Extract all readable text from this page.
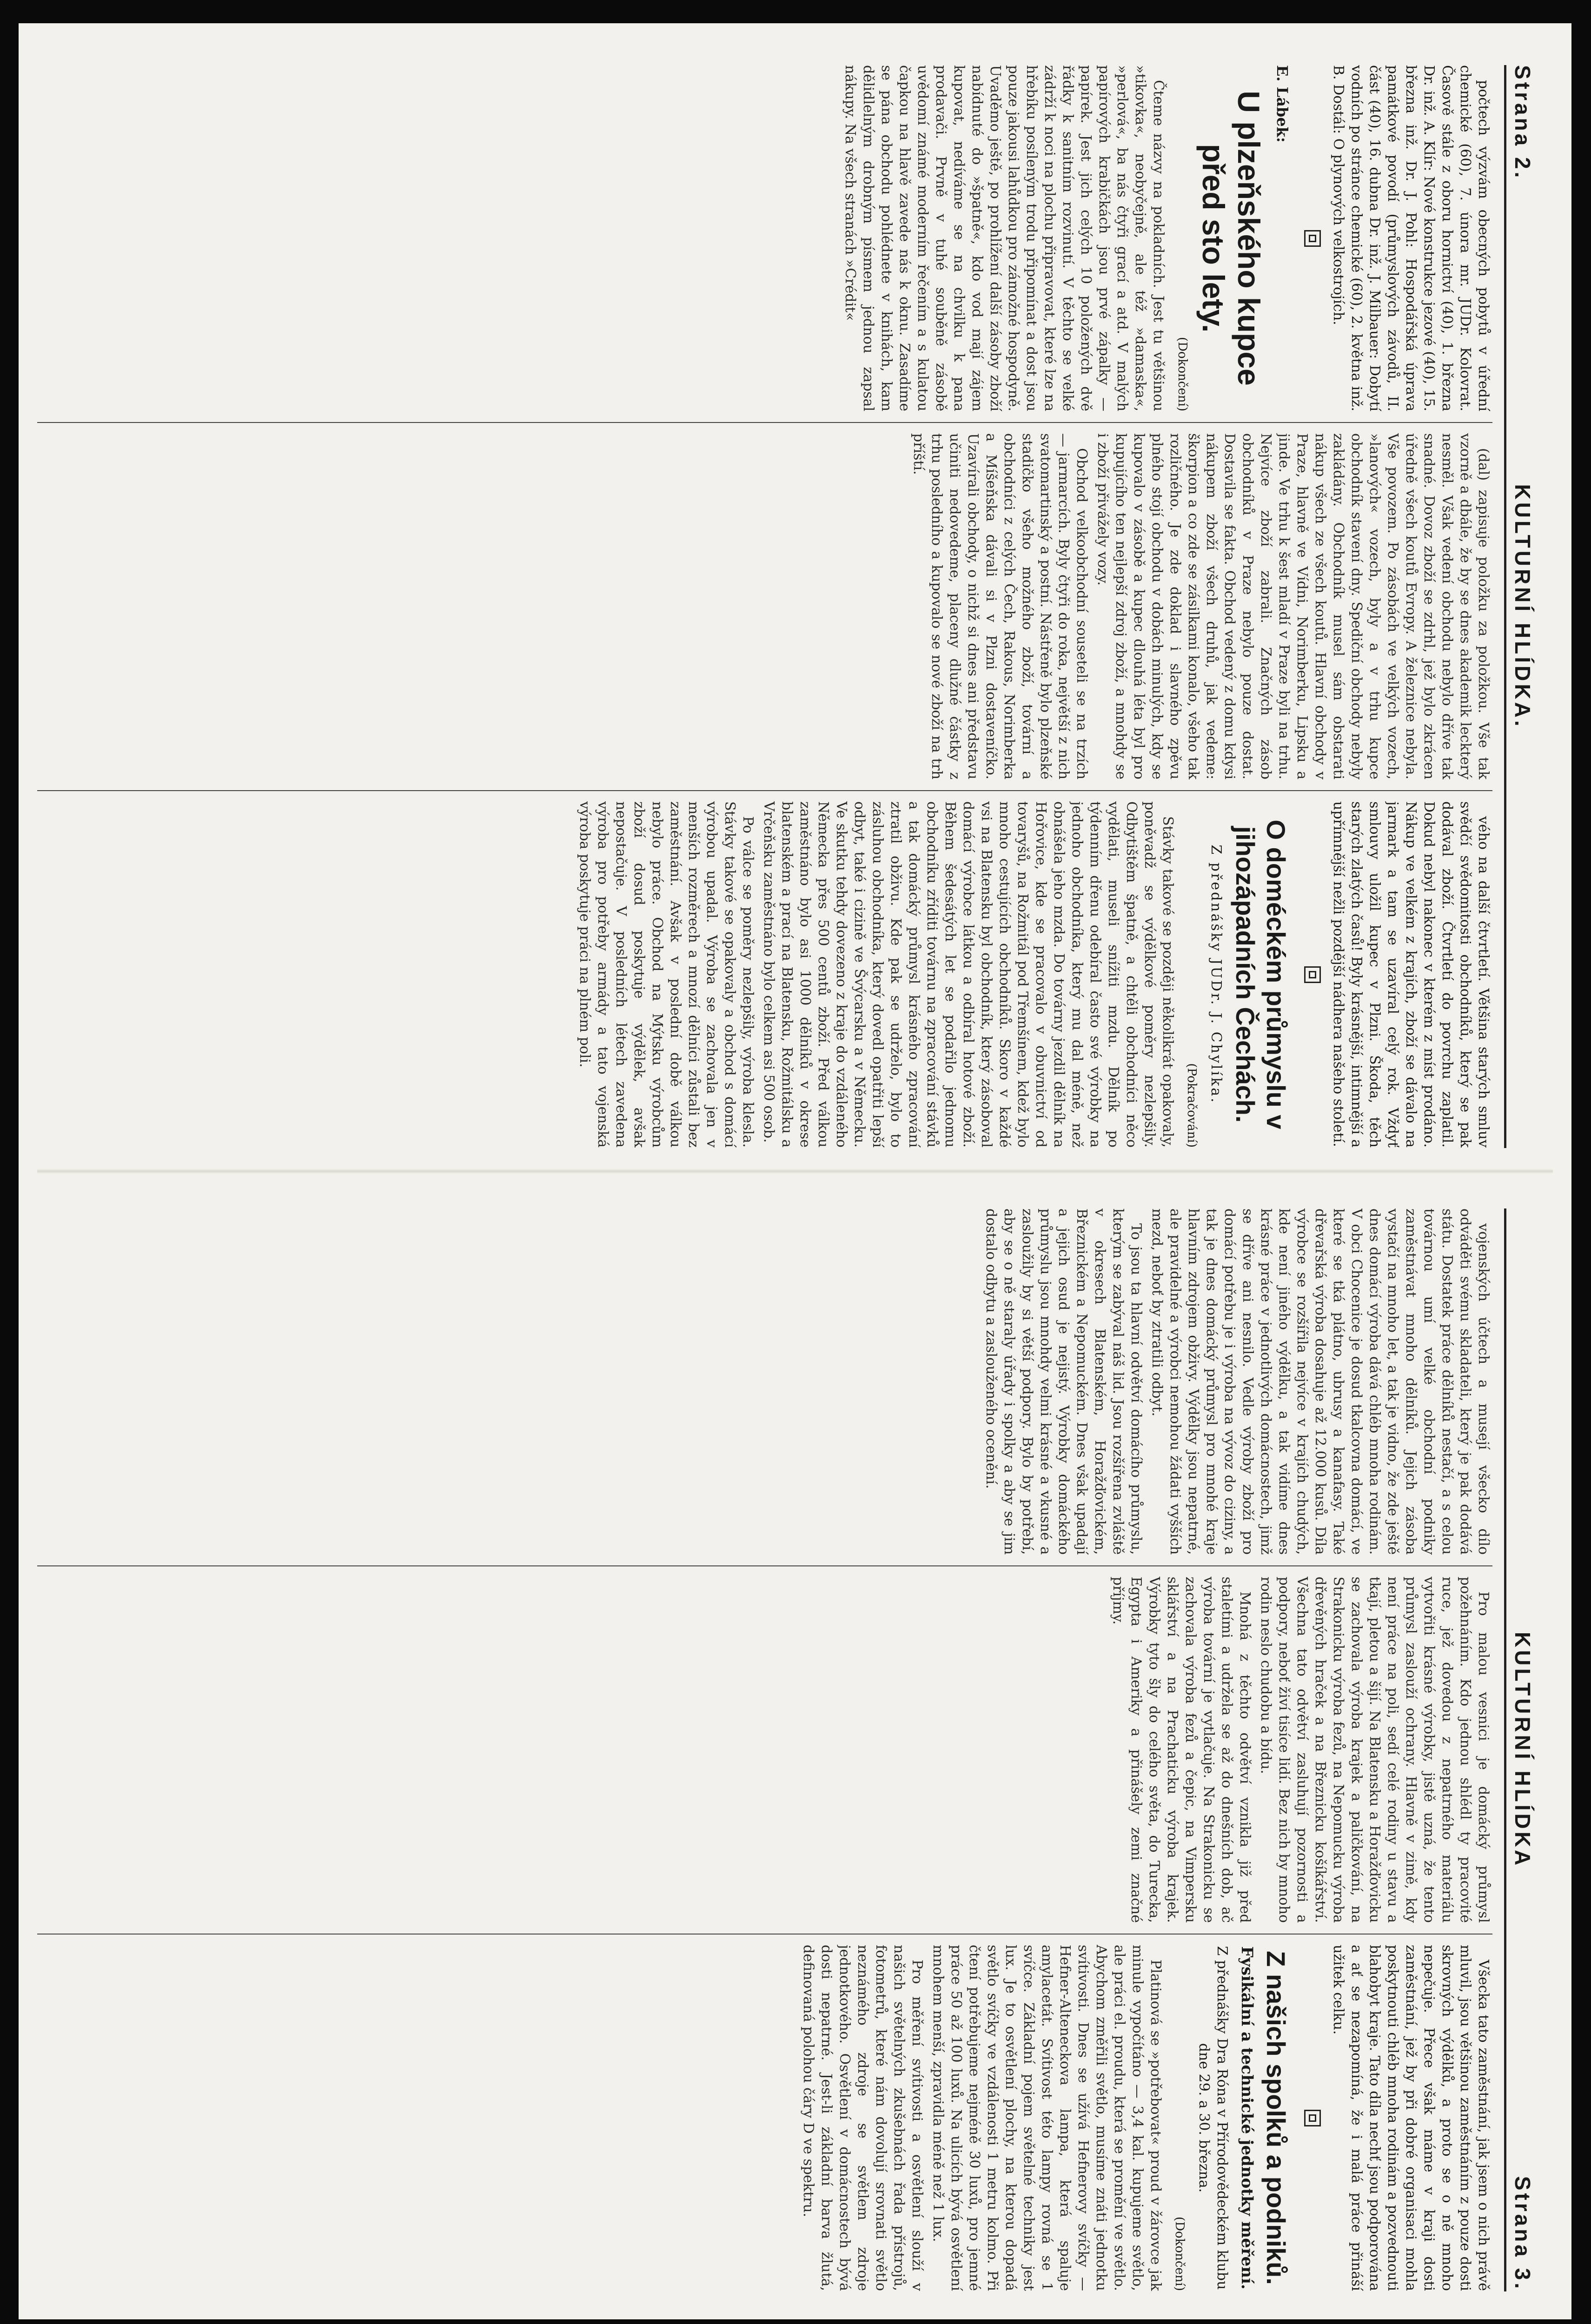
Strana 2.
KULTURNÍ HLÍDKA.

počtech výzvám obecných pobytů v úřední chemické (60), 7. února mr. JUDr. Kolovrat. Časově stále z oboru hornictví (40), 1. března Dr. inž. A. Klír: Nové konstrukce jezové (40), 15. března inž. Dr. J. Pohl: Hospodářská úprava památkové povodí (průmyslových závodů, II. část (40), 16. dubna Dr. inž. J. Milbauer: Dobytí vodních po stránce chemické (60), 2. května inž. B. Dostál: O plynových velkostrojích.

E. Lábek:
U plzeňského kupce před sto lety.
(Dokončení)

Čteme názvy na pokladních. Jest tu většinou »tikovka«, neobyčejně, ale též »damaska«, »perlová«, ba nás čtyři grací a atd. V malých papírových krabičkách jsou prvé zápalky — papírek. Jest jich celých 10 položených dvě řádky k sanitním rozvinutí. V těchto se velké zádrží k noci na plochu připravovat, které lze na hřebíku posíleným trodu připomínat a dost jsou pouze jakousi lahůdkou pro zámožné hospodyně. Uvaděmo ještě, po prohlížení další zásoby zboží nabídnuté do »špatně«, kdo vod mají zájem kupovat, nedíváme se na chvilku k pana prodavači. Prvně v tuhé souběně zásobě uvědomí známé moderním řečením a s kulatou čapkou na hlavě zavede nás k oknu. Zasadíme se pána obchodu pohlédnete v knihách, kam dělidlelným drobným písmem jednou zapsal nákupy. Na všech stranách »Crédit«

(dal) zapisuje položku za položkou. Vše tak vzorně a dbále, že by se dnes akademik leckterý nesměl. Však vedení obchodu nebylo dříve tak snadné. Dovoz zboží se zdrhl, jež bylo zkrácen úředně všech koutů Evropy. A železnice nebyla. Vše povozem. Po zásobách ve velkých vozech, »lanových« vozech, byly a v trhu kupce obchodník stavení dny. Spediční obchody nebyly zakládány. Obchodník musel sám obstarati nákup všech ze všech koutů. Hlavní obchody v Praze, hlavně ve Vídni, Norimberku, Lipsku a jinde. Ve trhu k šest mladí v Praze byli na trhu. Nejvíce zboží zabrali. Značných zásob obchodníků v Praze nebylo pouze dostat. Dostavila se fakta. Obchod vedený z domu kdysi nákupem zboží všech druhů, jak vedeme: škorpion a co zde se zásilkami konalo, všeho tak rozličného. Je zde doklad i slavného zpěvu plného stojí obchodu v dobách minulých, kdy se kupovalo v zásobě a kupec dlouhá léta byl pro kupujícího ten nejlepší zdroj zboží, a mnohdy se i zboží přivážely vozy.

Obchod velkoobchodní souseteli se na trzích — jarmarcích. Byly čtyři do roka, největší z nich svatomartinský a postní. Nástřeně bylo plzeňské stadičko všeho možného zboží, tovární a obchodníci z celých Čech, Rakous, Norimberka a Míšeňska dávali si v Plzni dostaveníčko. Uzavírali obchody, o nichž si dnes ani představu učiniti nedovedeme, placeny dlužné částky z trhu posledního a kupovalo se nové zboží na trh příští.

vého na další čtvrtletí. Většina starých smluv svědčí svědomitosti obchodníků, který se pak dodával zboží. Čtvrtletí do povrchu zaplatil. Dokud nebyl nakonec v kterém z míst prodáno. Nákup ve velkém z krajích, zboží se dávalo na jarmark a tam se uzavíral celý rok. Vždyť smlouvy uložil kupec v Plzni. Škoda, těch starých zlatých časů! Byly krásnější, intimnější a upřímnější nežli pozdější nádhera našeho století.

O doméckém průmyslu v jihozápadních Čechách.
Z přednášky JUDr. J. Chylíka.
(Pokračování)

Stávky takové se později několikrát opakovaly, poněvadž se výdělkové poměry nezlepšily. Odbytištěm špatně, a chtěli obchodníci něco vydělati, museli snížiti mzdu. Dělník po týdenním dřenu odebíral často své výrobky na jednoho obchodníka, který mu dal méně, než obnášela jeho mzda. Do továrny jezdil dělník na Hořovice, kde se pracovalo v obuvnictví od tovaryšů, na Rožmitál pod Třemšínem, kdež bylo mnoho cestujících obchodníků. Skoro v každé vsi na Blatensku byl obchodník, který zásoboval domácí výrobce látkou a odbíral hotové zboží. Během šedesátých let se podařilo jednomu obchodníku zříditi továrnu na zpracování stávků a tak domácký průmysl krásného zpracování ztratil obživu. Kde pak se udrželo, bylo to zásluhou obchodníka, který dovedl opatřiti lepší odbyt, také i cizině ve Švýcarsku a v Německu. Ve skutku tehdy dovezeno z kraje do vzdáleného Německa přes 500 centů zboží. Před válkou zaměstnáno bylo asi 1000 dělníků v okrese blatenském a prací na Blatensku, Rožmitálsku a Vrčeňsku zaměstnáno bylo celkem asi 500 osob.

Po válce se poměry nezlepšily, výroba klesla. Stávky takové se opakovaly a obchod s domácí výrobou upadal. Výroba se zachovala jen v menších rozměrech a mnozí dělníci zůstali bez zaměstnání. Avšak v poslední době válkou nebylo práce. Obchod na Mýtsku výrobcům zboží dosud poskytuje výdělek, avšak nepostačuje. V posledních létech zavedena výroba pro potřeby armády a tato vojenská výroba poskytuje práci na plném poli.

KULTURNÍ HLÍDKA
Strana 3.

vojenských účtech a musejí všecko dílo odváděti svému skladateli, který je pak dodává státu. Dostatek práce dělníků nestačí, a s celou továrnou umí velké obchodní podniky zaměstnávat mnoho dělníků. Jejich zásoba vystačí na mnoho let, a tak je vidno, že zde ještě dnes domácí výroba dává chléb mnoha rodinám. V obci Chocenice je dosud tkalcovna domácí, ve které se tká plátno, ubrusy a kanafasy. Také dřevařská výroba dosahuje až 12.000 kusů. Díla výrobce se rozšířila nejvíce v krajích chudých, kde není jiného výdělku, a tak vidíme dnes krásné práce v jednotlivých domácnostech, jimž se dříve ani nesnilo. Vedle výroby zboží pro domácí potřebu je i výroba na vývoz do ciziny, a tak je dnes domácký průmysl pro mnohé kraje hlavním zdrojem obživy. Výdělky jsou nepatrné, ale pravidelné a výrobci nemohou žádati vyšších mezd, neboť by ztratili odbyt.

To jsou ta hlavní odvětví domácího průmyslu, kterým se zabýval náš lid. Jsou rozšířena zvláště v okresech Blatenském, Horažďovickém, Březnickém a Nepomuckém. Dnes však upadají a jejich osud je nejistý. Výrobky domáckého průmyslu jsou mnohdy velmi krásné a vkusné a zasloužily by si větší podpory. Bylo by potřebí, aby se o ně staraly úřady i spolky a aby se jim dostalo odbytu a zaslouženého ocenění.

Pro malou vesnici je domácký průmysl požehnáním. Kdo jednou shlédl ty pracovité ruce, jež dovedou z nepatrného materiálu vytvořiti krásné výrobky, jistě uzná, že tento průmysl zaslouží ochrany. Hlavně v zimě, kdy není práce na poli, sedí celé rodiny u stavu a tkají, pletou a šijí. Na Blatensku a Horažďovicku se zachovala výroba krajek a paličkování, na Strakonicku výroba fezů, na Nepomucku výroba dřevěných hraček a na Březnicku košíkářství. Všechna tato odvětví zasluhují pozornosti a podpory, neboť živí tisíce lidí. Bez nich by mnoho rodin neslo chudobu a bídu.

Mnohá z těchto odvětví vznikla již před staletími a udržela se až do dnešních dob, ač výroba tovární je vytlačuje. Na Strakonicku se zachovala výroba fezů a čepic, na Vimpersku sklářství a na Prachaticku výroba krajek. Výrobky tyto šly do celého světa, do Turecka, Egypta i Ameriky a přinášely zemi značné příjmy.

Všecka tato zaměstnání, jak jsem o nich právě mluvil, jsou většinou zaměstnáním z pouze dosti skrovných výdělků, a proto se o ně mnoho nepečuje. Přece však máme v kraji dosti zaměstnání, jež by při dobré organisaci mohla poskytnouti chléb mnoha rodinám a pozvednouti blahobyt kraje. Tato díla nechť jsou podporována a ať se nezapomíná, že i malá práce přináší užitek celku.

Z našich spolků a podniků.
Fysikální a technické jednotky měření.
Z přednášky Dra Róna v Přírodovědeckém klubu dne 29. a 30. března.
(Dokončení)

Platinová se »potřebovat« proud v žárovce jak minule vypočítáno — 3,4 kal. kupujeme světlo, ale práci el. proudu, která se promění ve světlo. Abychom změřili světlo, musíme znáti jednotku svítivosti. Dnes se užívá Hefnerovy svíčky — Hefner-Alteneckova lampa, která spaluje amylacetát. Svítivost této lampy rovná se 1 svíčce. Základní pojem světelné techniky jest lux. Je to osvětlení plochy, na kterou dopadá světlo svíčky ve vzdálenosti 1 metru kolmo. Při čtení potřebujeme nejméně 30 luxů, pro jemné práce 50 až 100 luxů. Na ulicích bývá osvětlení mnohem menší, zpravidla méně než 1 lux.

Pro měření svítivosti a osvětlení slouží v našich světelných zkušebnách řada přístrojů, fotometrů, které nám dovolují srovnati světlo neznámého zdroje se světlem zdroje jednotkového. Osvětlení v domácnostech bývá dosti nepatrné. Jest-li základní barva žlutá, definovaná polohou čáry D ve spektru.
